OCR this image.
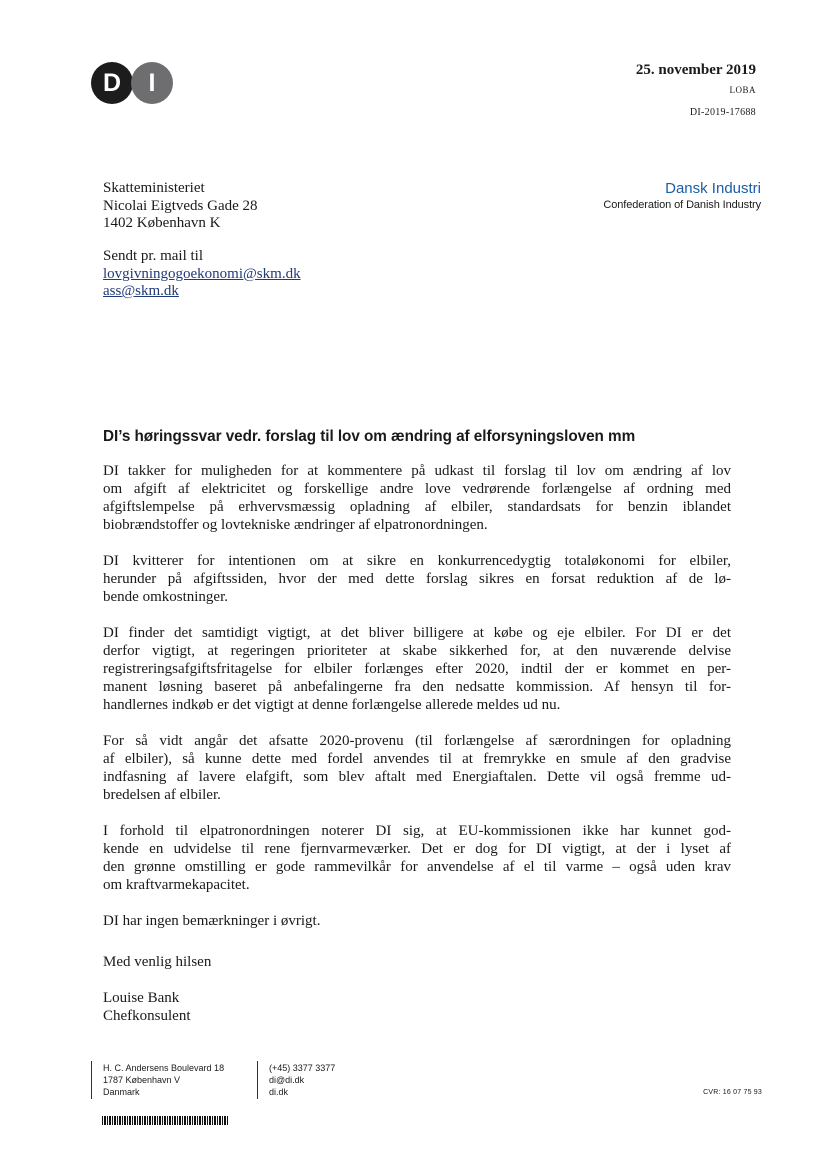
D	I	25. november 2019
LOBA
DI-2019-17688
Skatteministeriet
Nicolai Eigtveds Gade 28
1402 København K
Dansk Industri
Confederation of Danish Industry
Sendt pr. mail til
lovgivningogoekonomi@skm.dk
ass@skm.dk
DI’s høringssvar vedr. forslag til lov om ændring af elforsyningsloven mm

DI takker for muligheden for at kommentere på udkast til forslag til lov om ændring af lov
om afgift af elektricitet og forskellige andre love vedrørende forlængelse af ordning med
afgiftslempelse på erhvervsmæssig opladning af elbiler, standardsats for benzin iblandet
biobrændstoffer og lovtekniske ændringer af elpatronordningen.

DI kvitterer for intentionen om at sikre en konkurrencedygtig totaløkonomi for elbiler,
herunder på afgiftssiden, hvor der med dette forslag sikres en forsat reduktion af de lø-
bende omkostninger.

DI finder det samtidigt vigtigt, at det bliver billigere at købe og eje elbiler. For DI er det
derfor vigtigt, at regeringen prioriteter at skabe sikkerhed for, at den nuværende delvise
registreringsafgiftsfritagelse for elbiler forlænges efter 2020, indtil der er kommet en per-
manent løsning baseret på anbefalingerne fra den nedsatte kommission. Af hensyn til for-
handlernes indkøb er det vigtigt at denne forlængelse allerede meldes ud nu.

For så vidt angår det afsatte 2020-provenu (til forlængelse af særordningen for opladning
af elbiler), så kunne dette med fordel anvendes til at fremrykke en smule af den gradvise
indfasning af lavere elafgift, som blev aftalt med Energiaftalen. Dette vil også fremme ud-
bredelsen af elbiler.

I forhold til elpatronordningen noterer DI sig, at EU-kommissionen ikke har kunnet god-
kende en udvidelse til rene fjernvarmeværker. Det er dog for DI vigtigt, at der i lyset af
den grønne omstilling er gode rammevilkår for anvendelse af el til varme – også uden krav
om kraftvarmekapacitet.

DI har ingen bemærkninger i øvrigt.

Med venlig hilsen
Louise Bank
Chefkonsulent
H. C. Andersens Boulevard 18
1787 København V
Danmark
(+45) 3377 3377
di@di.dk
di.dk	CVR: 16 07 75 93
